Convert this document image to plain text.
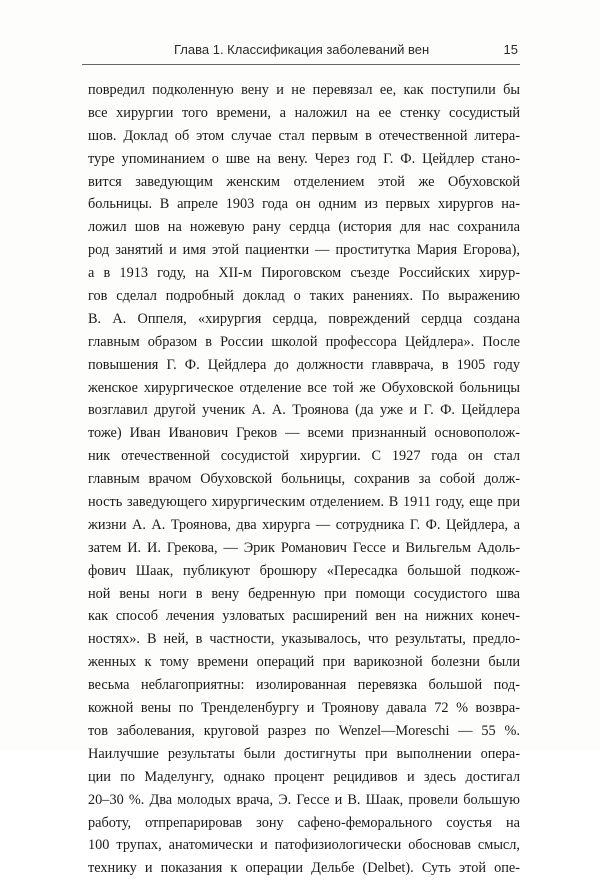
Глава 1. Классификация заболеваний вен	15
повредил подколенную вену и не перевязал ее, как поступили бы
все хирургии того времени, а наложил на ее стенку сосудистый
шов. Доклад об этом случае стал первым в отечественной литера-
туре упоминанием о шве на вену. Через год Г. Ф. Цейдлер стано-
вится заведующим женским отделением этой же Обуховской
больницы. В апреле 1903 года он одним из первых хирургов на-
ложил шов на ножевую рану сердца (история для нас сохранила
род занятий и имя этой пациентки — проститутка Мария Егорова),
а в 1913 году, на XII-м Пироговском съезде Российских хирур-
гов сделал подробный доклад о таких ранениях. По выражению
В. А. Оппеля, «хирургия сердца, повреждений сердца создана
главным образом в России школой профессора Цейдлера». После
повышения Г. Ф. Цейдлера до должности главврача, в 1905 году
женское хирургическое отделение все той же Обуховской больницы
возглавил другой ученик А. А. Троянова (да уже и Г. Ф. Цейдлера
тоже) Иван Иванович Греков — всеми признанный основополож-
ник отечественной сосудистой хирургии. С 1927 года он стал
главным врачом Обуховской больницы, сохранив за собой долж-
ность заведующего хирургическим отделением. В 1911 году, еще при
жизни А. А. Троянова, два хирурга — сотрудника Г. Ф. Цейдлера, а
затем И. И. Грекова, — Эрик Романович Гессе и Вильгельм Адоль-
фович Шаак, публикуют брошюру «Пересадка большой подкож-
ной вены ноги в вену бедренную при помощи сосудистого шва
как способ лечения узловатых расширений вен на нижних конеч-
ностях». В ней, в частности, указывалось, что результаты, предло-
женных к тому времени операций при варикозной болезни были
весьма неблагоприятны: изолированная перевязка большой под-
кожной вены по Тренделенбургу и Троянову давала 72 % возвра-
тов заболевания, круговой разрез по Wenzel—Moreschi — 55 %.
Наилучшие результаты были достигнуты при выполнении опера-
ции по Маделунгу, однако процент рецидивов и здесь достигал
20–30 %. Два молодых врача, Э. Гессе и В. Шаак, провели большую
работу, отпрепарировав зону сафено-феморального соустья на
100 трупах, анатомически и патофизиологически обосновав смысл,
технику и показания к операции Дельбе (Delbet). Суть этой опе-
